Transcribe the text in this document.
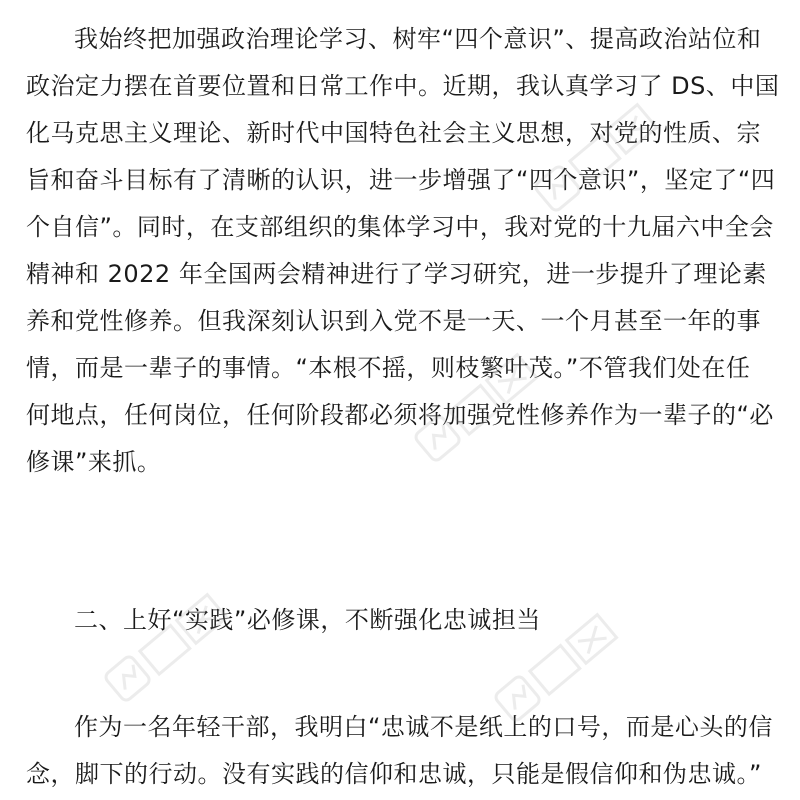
我始终把加强政治理论学习、树牢“四个意识”、提高政治站位和
政治定力摆在首要位置和日常工作中。近期，我认真学习了 DS、中国
化马克思主义理论、新时代中国特色社会主义思想，对党的性质、宗
旨和奋斗目标有了清晰的认识，进一步增强了“四个意识”，坚定了“四
个自信”。同时，在支部组织的集体学习中，我对党的十九届六中全会
精神和 2022 年全国两会精神进行了学习研究，进一步提升了理论素
养和党性修养。但我深刻认识到入党不是一天、一个月甚至一年的事
情，而是一辈子的事情。“本根不摇，则枝繁叶茂。”不管我们处在任
何地点，任何岗位，任何阶段都必须将加强党性修养作为一辈子的“必
修课”来抓。
二、上好“实践”必修课，不断强化忠诚担当
作为一名年轻干部，我明白“忠诚不是纸上的口号，而是心头的信
念，脚下的行动。没有实践的信仰和忠诚，只能是假信仰和伪忠诚。”
